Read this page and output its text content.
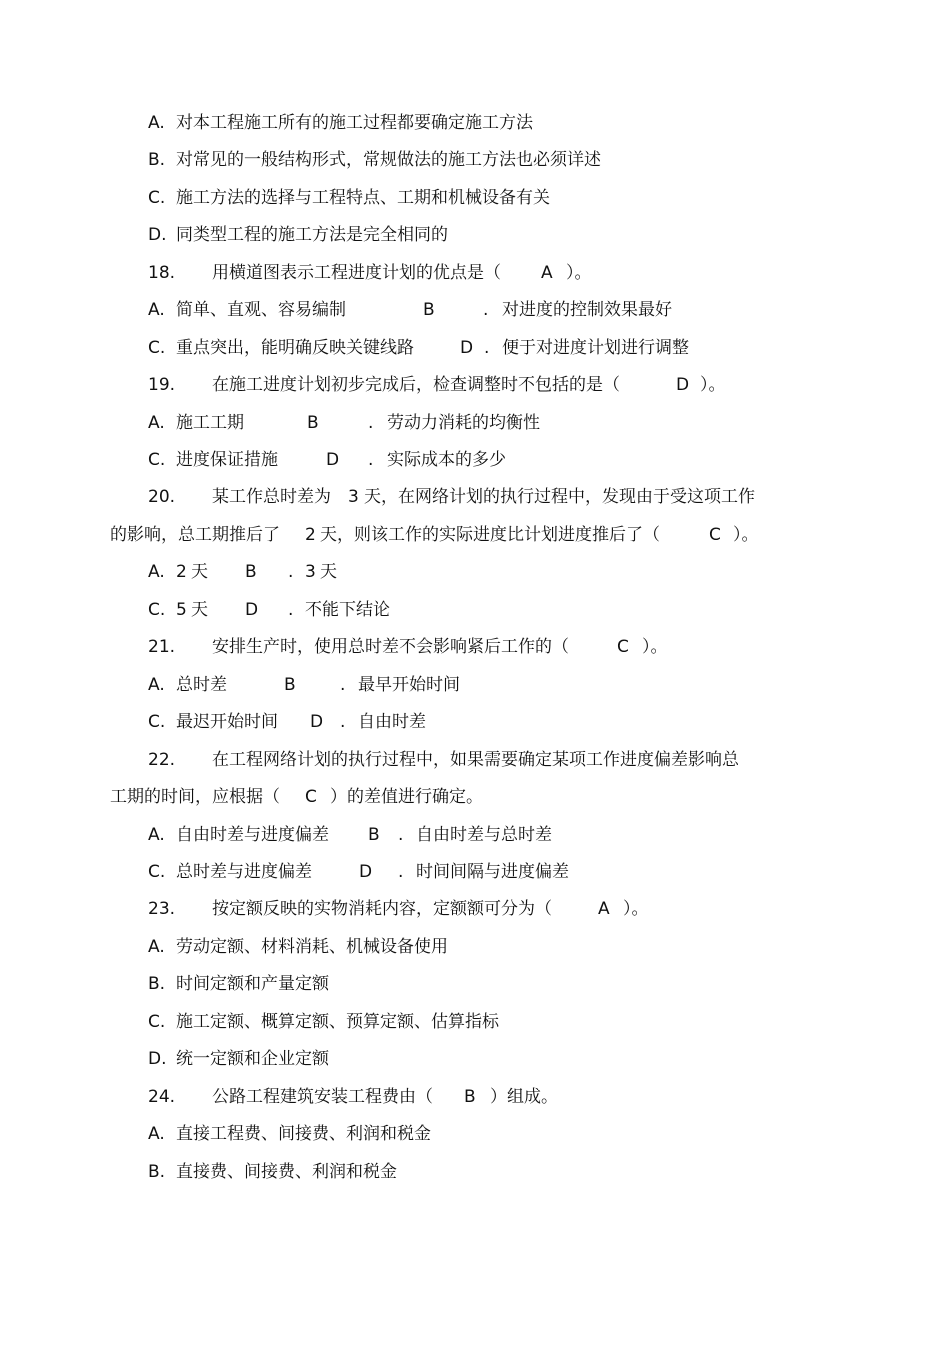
A. 对本工程施工所有的施工过程都要确定施工方法
B. 对常见的一般结构形式，常规做法的施工方法也必须详述
C. 施工方法的选择与工程特点、工期和机械设备有关
D. 同类型工程的施工方法是完全相同的
18. 用横道图表示工程进度计划的优点是（ A ）。
A. 简单、直观、容易编制	B	. 对进度的控制效果最好
C. 重点突出，能明确反映关键线路	D . 便于对进度计划进行调整
19. 在施工进度计划初步完成后，检查调整时不包括的是（	D ）。
A. 施工工期	B	. 劳动力消耗的均衡性
C. 进度保证措施	D . 实际成本的多少
20. 某工作总时差为 3 天，在网络计划的执行过程中，发现由于受这项工作
的影响，总工期推后了 2 天，则该工作的实际进度比计划进度推后了（	C ）。
A. 2 天 B . 3 天
C. 5 天 D . 不能下结论
21. 安排生产时，使用总时差不会影响紧后工作的（	C ）。
A. 总时差	B	. 最早开始时间
C. 最迟开始时间 D . 自由时差
22. 在工程网络计划的执行过程中，如果需要确定某项工作进度偏差影响总
工期的时间，应根据（ C ）的差值进行确定。
A. 自由时差与进度偏差 B . 自由时差与总时差
C. 总时差与进度偏差	D . 时间间隔与进度偏差
23. 按定额反映的实物消耗内容，定额额可分为（	A ）。
A. 劳动定额、材料消耗、机械设备使用
B. 时间定额和产量定额
C. 施工定额、概算定额、预算定额、估算指标
D. 统一定额和企业定额
24. 公路工程建筑安装工程费由（ B ）组成。
A. 直接工程费、间接费、利润和税金
B. 直接费、间接费、利润和税金
